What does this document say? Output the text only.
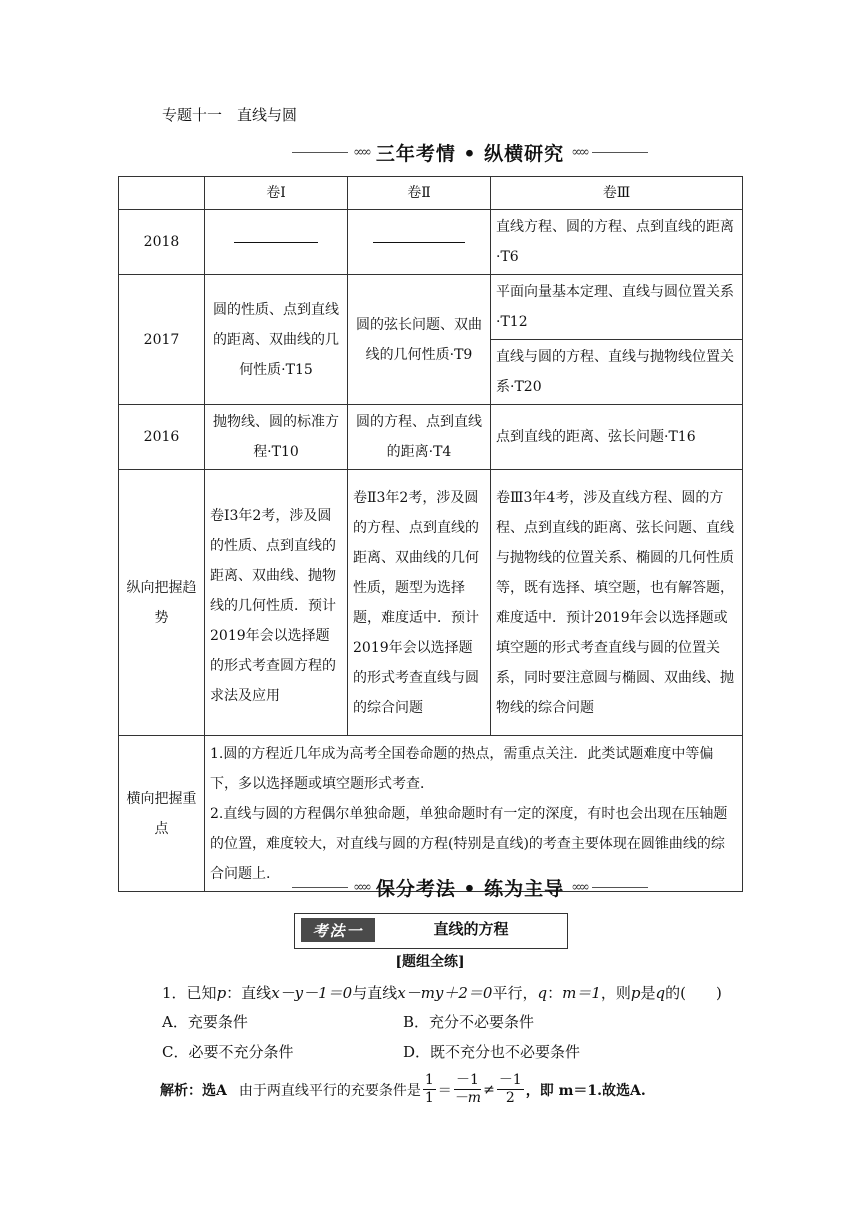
专题十一　直线与圆
∞∞ 三年考情 • 纵横研究 ∞∞
	卷Ⅰ	卷Ⅱ	卷Ⅲ
2018			直线方程、圆的方程、点到直线的距离·T6
2017	圆的性质、点到直线的距离、双曲线的几何性质·T15	圆的弦长问题、双曲线的几何性质·T9	平面向量基本定理、直线与圆位置关系·T12
			直线与圆的方程、直线与抛物线位置关系·T20
2016	抛物线、圆的标准方程·T10	圆的方程、点到直线的距离·T4	点到直线的距离、弦长问题·T16
纵向把握趋势	卷Ⅰ3年2考，涉及圆的性质、点到直线的距离、双曲线、抛物线的几何性质．预计2019年会以选择题的形式考查圆方程的求法及应用	卷Ⅱ3年2考，涉及圆的方程、点到直线的距离、双曲线的几何性质，题型为选择题，难度适中．预计2019年会以选择题的形式考查直线与圆的综合问题	卷Ⅲ3年4考，涉及直线方程、圆的方程、点到直线的距离、弦长问题、直线与抛物线的位置关系、椭圆的几何性质等，既有选择、填空题，也有解答题，难度适中．预计2019年会以选择题或填空题的形式考查直线与圆的位置关系，同时要注意圆与椭圆、双曲线、抛物线的综合问题
横向把握重点	1.圆的方程近几年成为高考全国卷命题的热点，需重点关注．此类试题难度中等偏下，多以选择题或填空题形式考查．
2.直线与圆的方程偶尔单独命题，单独命题时有一定的深度，有时也会出现在压轴题的位置，难度较大，对直线与圆的方程(特别是直线)的考查主要体现在圆锥曲线的综合问题上.		
∞∞ 保分考法 • 练为主导 ∞∞
考法一	直线的方程
[题组全练]
1．已知p：直线x－y－1＝0与直线x－my＋2＝0平行，q：m＝1，则p是q的(　　)
A．充要条件	B．充分不必要条件
C．必要不充分条件	D．既不充分也不必要条件
解析： 选A 由于两直线平行的充要条件是 $\frac{1}{1} = \frac{-1}{-m} \ne \frac{-1}{2}$ ，即 m＝1.故选A.
